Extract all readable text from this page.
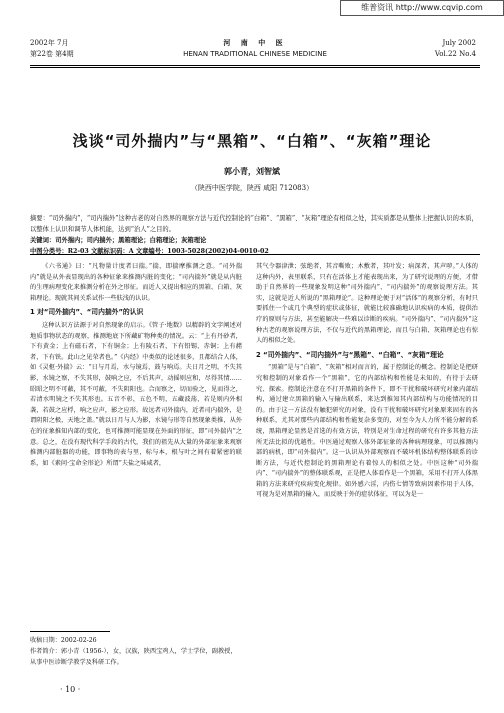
维普资讯 http://www.cqvip.com
2002年 7月
第22卷 第4期
河 南 中 医
HENAN TRADITIONAL CHINESE MEDICINE
July 2002
Vol.22 No.4
浅谈“司外揣内”与“黑箱”、“白箱”、“灰箱”理论
郭小青，刘智斌
（陕西中医学院，陕西 咸阳 712083）
摘要：“司外揣内”，“司内揣外”这种古老的对自然界的观察方法与近代控制论的“白箱”、“黑箱”、“灰箱”理论有相似之处，其实质都是从整体上把握认识的本质，以整体上认识和调节人体机能，达到“治人”之目的。
关键词：司外揣内；司内揣外；黑箱理论；白箱理论；灰箱理论
中图分类号：R2-03 文献标识码：A 文章编号：1003-5028(2002)04-0010-02

《六书通》曰：“凡物量计度者曰揣。”揣，即揣摩推测之意。“司外揣内”就是从外表显现出的各种征象来推测内脏的变化；“司内揣外”就是从内脏的生理病理变化来推测分析在外之形征。而近人又提出相应的黑箱、白箱、灰箱理论。现就其间关系试作一些肤浅的认识。

1 对“司外揣内”、“司内揣外”的认识

这种认识方法源于对自然现象的启示。《管子·地数》以精辟的文字阐述对地质事物状态的观察，推测地底下所藏矿物种类的情况。云：“上有丹砂者，下有黄金；上有磁石者，下有铜金；上有陵石者，下有铅锡、赤铜；上有赭者，下有铁。此山之见荣者也。”《内经》中类似的论述很多，且都结合人体，如《灵枢·外揣》云：“日与月焉，水与镜焉，鼓与响焉。夫日月之明，不失其影，水镜之察，不失其形，鼓响之应，不后其声，动摇则应和，尽得其情……昭昭之明不可蔽，其不可蔽，不失阴阳也。合而察之，切而验之，见而得之，若清水明镜之不失其形也。五音不彰，五色不明，五藏波荡，若是则内外相袭，若鼓之应桴，响之应声，影之应形。故远者司外揣内，近者司内揣外，是谓阴阳之极，天地之盖。”就以日月与人为影，水镜与形等自然现象类推，从外在的征象推知内部的变化，也可推测可能显现在外面的形征，即“司外揣内”之意。总之，在没有现代科学手段的古代，我们的祖先从大量的外部征象来观察推测内部脏器的功能，即事物的表与里，标与本，根与叶之间有着紧密的联系，如《素问·宝命全形论》所谓“夫盐之味咸者，

其气令器津泄；弦绝者，其音嘶败；木敷者，其叶发；病深者，其声哕。”人体的这种内外，表里联系，只有在活体上才能表现出来，为了研究说理的方便，才借助于自然界的一些现象发明这种“司外揣内”、“司内揣外”的观察说理方法。其实，这就是近人所说的“黑箱理论”。这种理论便于对“活体”的观察分析，有时只要抓住一个或几个典型的症状或体征，就能比较准确地认识疾病的本质，提供治疗的原则与方法，甚至能解决一些难以诊断的疾病。“司外揣内”、“司内揣外”这种古老的观察说理方法，不仅与近代的黑箱理论，而且与白箱、灰箱理论也有惊人的相似之处。

2 “司外揣内”、“司内揣外”与“黑箱”、“白箱”、“灰箱”理论

“黑箱”是与“白箱”、“灰箱”相对而言的，属于控制论的概念。控制论是把研究和控制的对象看作一个“黑箱”，它的内部结构和性能是未知的，有待于去研究、探索。控制论注意在不打开黑箱的条件下，即不干扰和破坏研究对象内部结构，通过建立黑箱的输入与输出联系，来达到推知其内部结构与功能情况的目的。由于这一方法没有触犯研究的对象，没有干扰和破坏研究对象原来固有的各种联系，尤其对那些内部结构和性能复杂多变的，对至今为人力所不能分解的系统，黑箱理论显然是首选的有效方法，特别是对生命过程的研究有许多其他方法所无法比拟的优越性。中医通过观察人体外部征象的各种病理现象，可以推测内部的病机，即“司外揣内”。这一认识从外部观察而不破坏机体结构整体联系的诊断方法，与近代控制论的黑箱理论有着惊人的相似之处。中医这种“司外揣内”、“司内揣外”的整体联系观，正是把人体看作是一个黑箱，采用不打开人体黑箱的方法来研究疾病变化规律。如外感六淫，内伤七情等致病因素作用于人体，可视为是对黑箱的输入，而反映于外的症状体征，可以为是一

收稿日期：2002-02-26
作者简介：郭小青（1956-），女，汉族，陕西宝鸡人，学士学位，副教授，从事中医诊断学教学及科研工作。
· 10 ·
